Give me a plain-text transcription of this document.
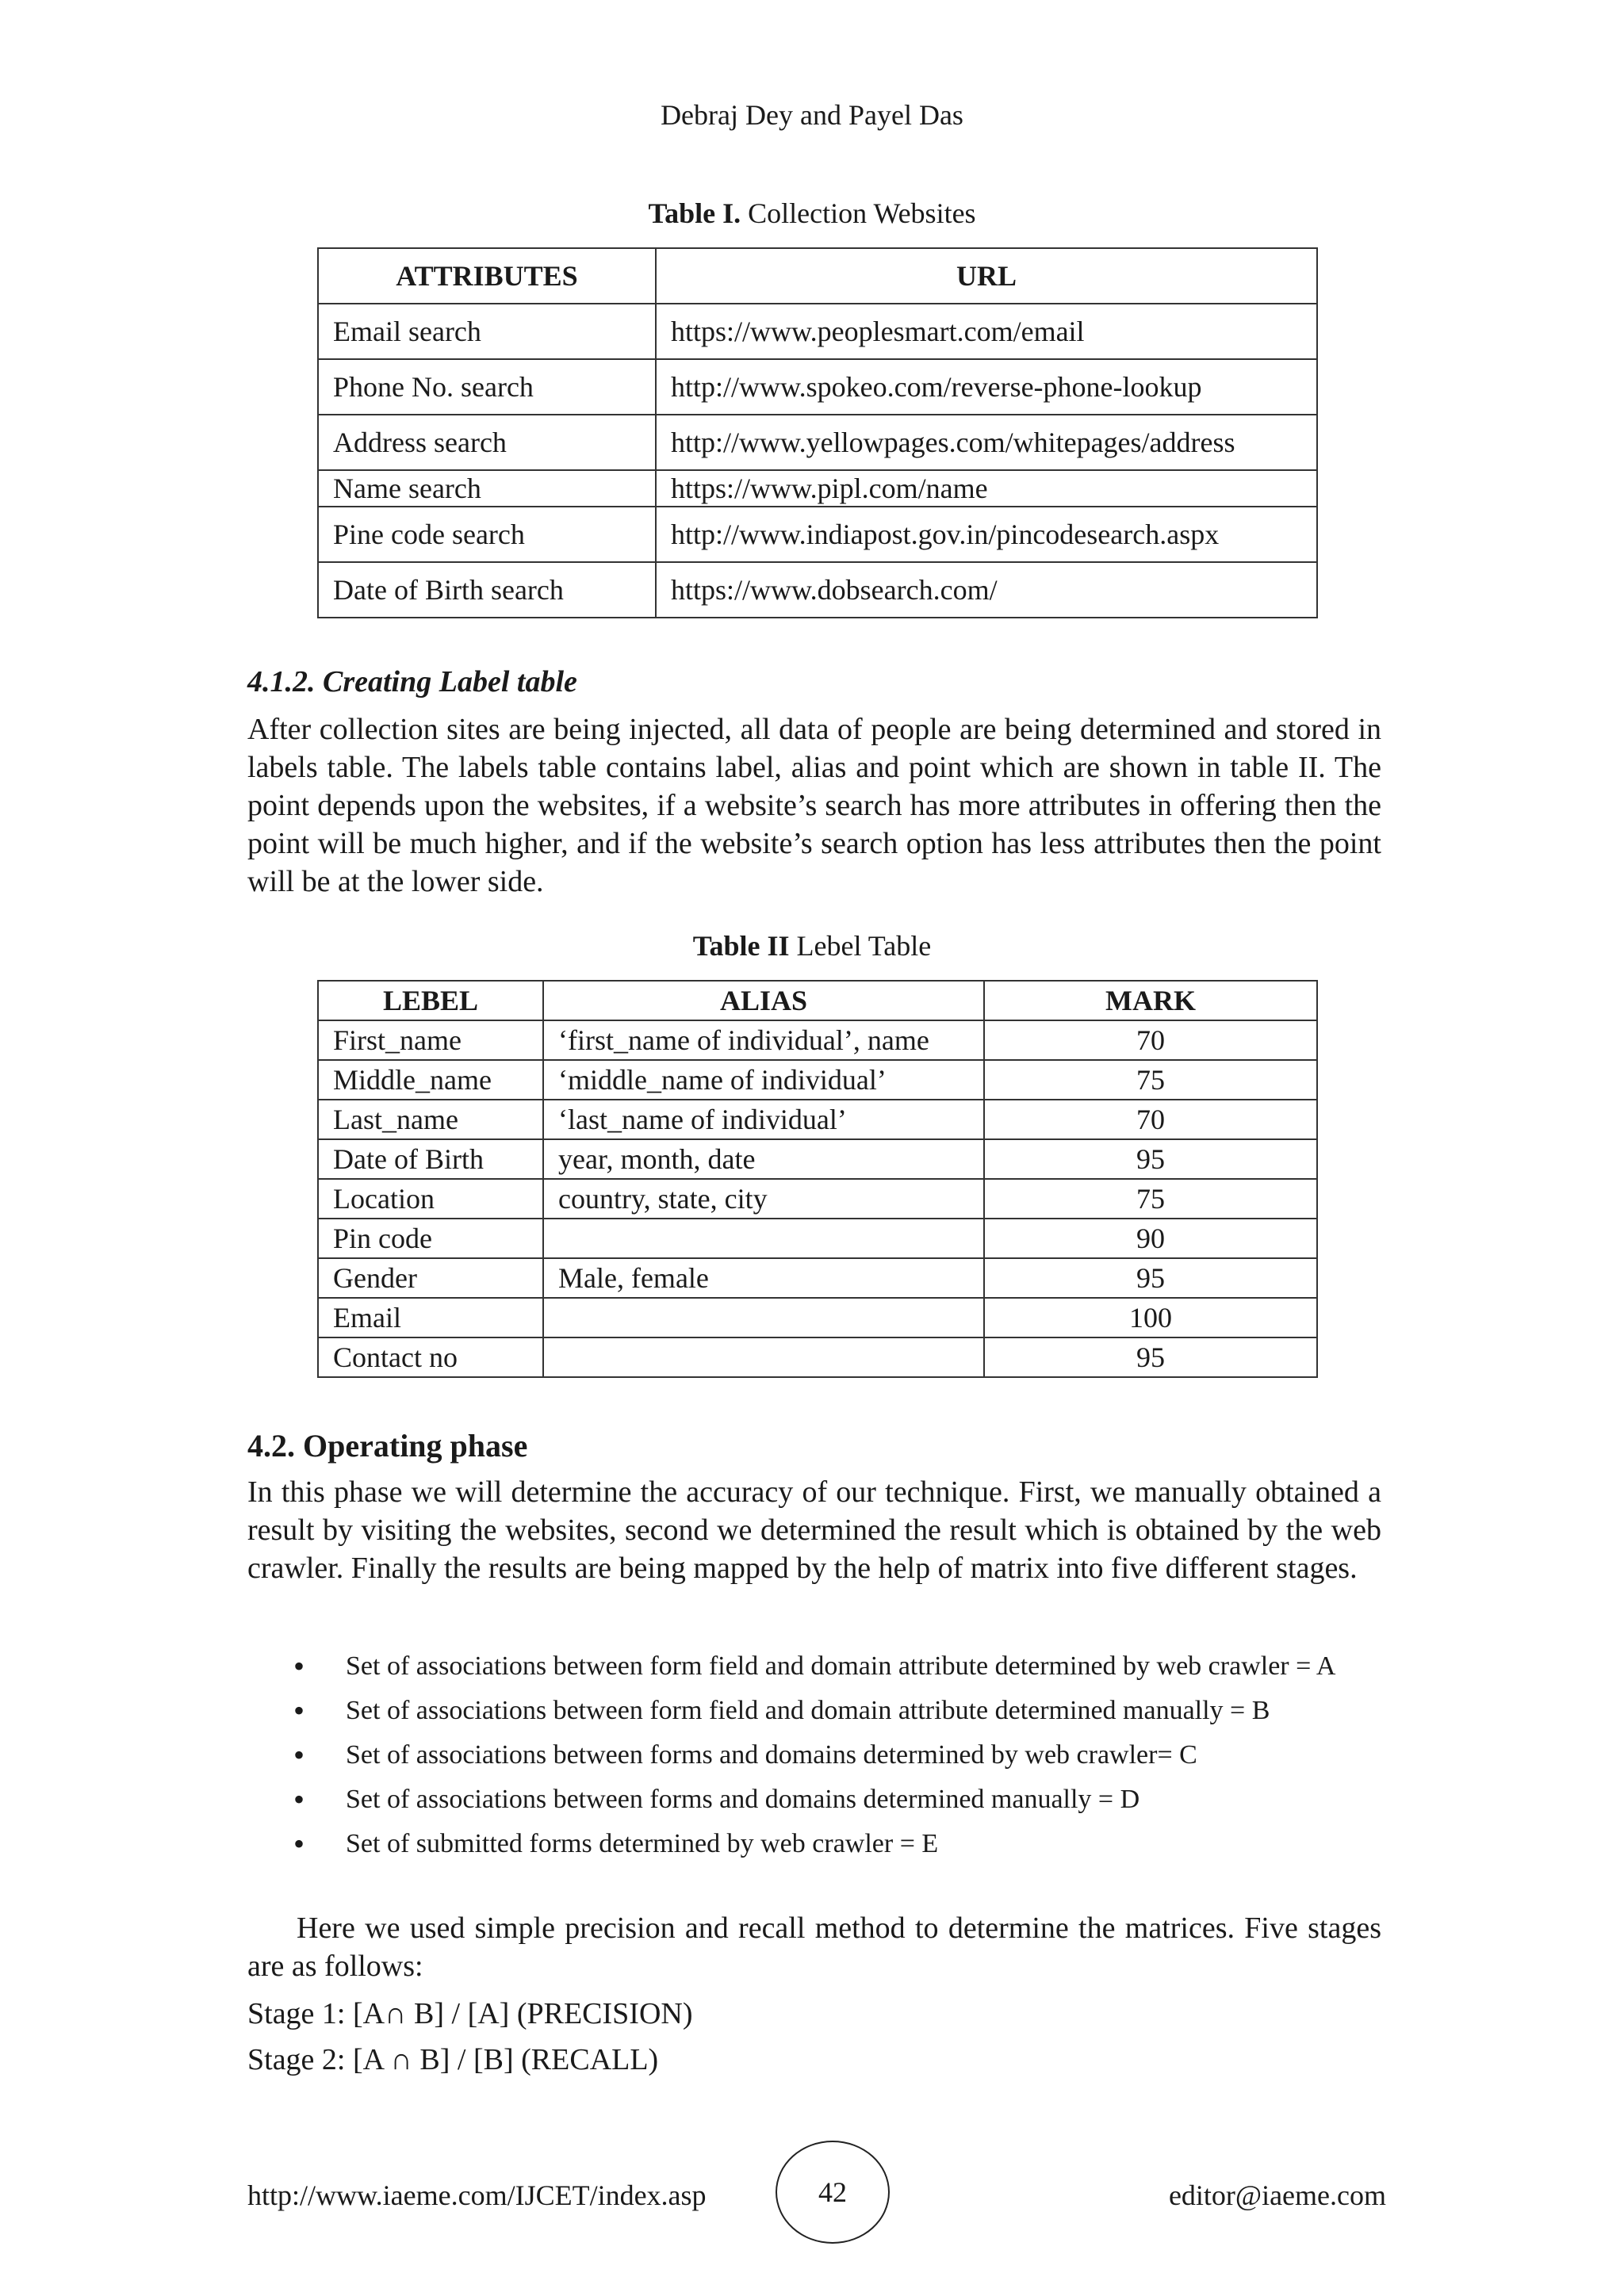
Debraj Dey and Payel Das
Table I. Collection Websites
ATTRIBUTES	URL
Email search	https://www.peoplesmart.com/email
Phone No. search	http://www.spokeo.com/reverse-phone-lookup
Address search	http://www.yellowpages.com/whitepages/address
Name search	https://www.pipl.com/name
Pine code search	http://www.indiapost.gov.in/pincodesearch.aspx
Date of Birth search	https://www.dobsearch.com/
4.1.2. Creating Label table
After collection sites are being injected, all data of people are being determined and stored in labels table. The labels table contains label, alias and point which are shown in table II. The point depends upon the websites, if a website’s search has more attributes in offering then the point will be much higher, and if the website’s search option has less attributes then the point will be at the lower side.
Table II Lebel Table
LEBEL	ALIAS	MARK
First_name	‘first_name of individual’, name	70
Middle_name	‘middle_name of individual’	75
Last_name	‘last_name of individual’	70
Date of Birth	year, month, date	95
Location	country, state, city	75
Pin code		90
Gender	Male, female	95
Email		100
Contact no		95
4.2. Operating phase
In this phase we will determine the accuracy of our technique. First, we manually obtained a result by visiting the websites, second we determined the result which is obtained by the web crawler. Finally the results are being mapped by the help of matrix into five different stages.
• Set of associations between form field and domain attribute determined by web crawler = A
• Set of associations between form field and domain attribute determined manually = B
• Set of associations between forms and domains determined by web crawler= C
• Set of associations between forms and domains determined manually = D
• Set of submitted forms determined by web crawler = E
Here we used simple precision and recall method to determine the matrices. Five stages are as follows:
Stage 1: [A∩ B] / [A] (PRECISION)
Stage 2: [A ∩ B] / [B] (RECALL)
http://www.iaeme.com/IJCET/index.asp	42	editor@iaeme.com
